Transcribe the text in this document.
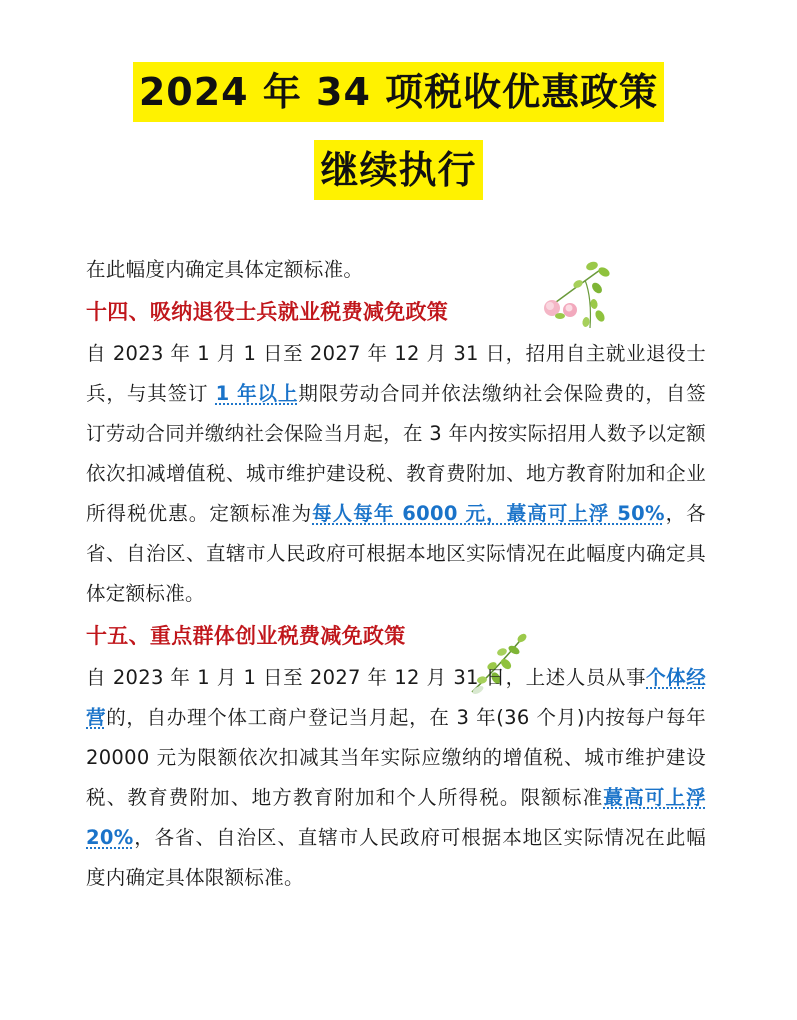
2024 年 34 项税收优惠政策
继续执行

在此幅度内确定具体定额标准。

十四、吸纳退役士兵就业税费减免政策

自 2023 年 1 月 1 日至 2027 年 12 月 31 日，招用自主就业退役士兵，与其签订 1 年以上期限劳动合同并依法缴纳社会保险费的，自签订劳动合同并缴纳社会保险当月起，在 3 年内按实际招用人数予以定额依次扣减增值税、城市维护建设税、教育费附加、地方教育附加和企业所得税优惠。定额标准为每人每年 6000 元，蕞高可上浮 50%，各省、自治区、直辖市人民政府可根据本地区实际情况在此幅度内确定具体定额标准。

十五、重点群体创业税费减免政策

自 2023 年 1 月 1 日至 2027 年 12 月 31 日，上述人员从事个体经营的，自办理个体工商户登记当月起，在 3 年(36 个月)内按每户每年 20000 元为限额依次扣减其当年实际应缴纳的增值税、城市维护建设税、教育费附加、地方教育附加和个人所得税。限额标准蕞高可上浮 20%，各省、自治区、直辖市人民政府可根据本地区实际情况在此幅度内确定具体限额标准。
